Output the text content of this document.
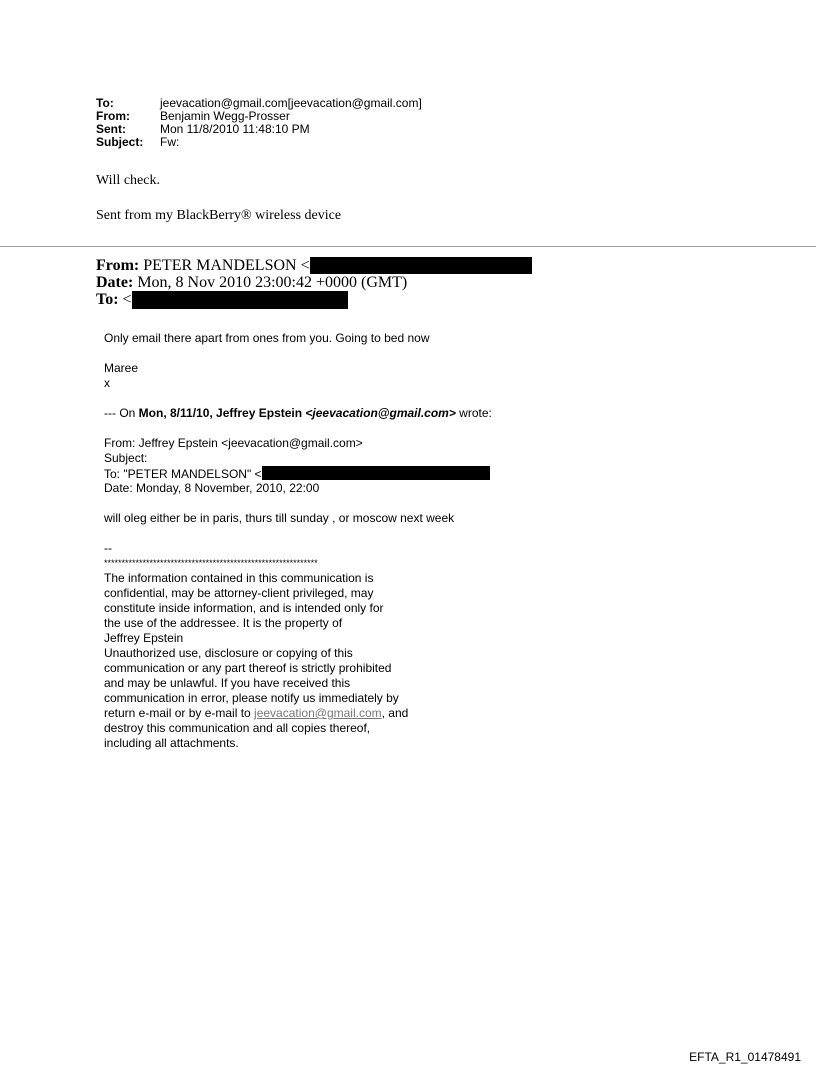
To:	jeevacation@gmail.com[jeevacation@gmail.com]
From:	Benjamin Wegg-Prosser
Sent:	Mon 11/8/2010 11:48:10 PM
Subject:	Fw:
Will check.
Sent from my BlackBerry® wireless device
From: PETER MANDELSON <
Date: Mon, 8 Nov 2010 23:00:42 +0000 (GMT)
To: <
Only email there apart from ones from you. Going to bed now
Maree
x
--- On Mon, 8/11/10, Jeffrey Epstein <jeevacation@gmail.com> wrote:
From: Jeffrey Epstein <jeevacation@gmail.com>
Subject:
To: "PETER MANDELSON" <
Date: Monday, 8 November, 2010, 22:00
will oleg either be in paris, thurs till sunday , or moscow next week
--
*************************************************************
The information contained in this communication is
confidential, may be attorney-client privileged, may
constitute inside information, and is intended only for
the use of the addressee. It is the property of
Jeffrey Epstein
Unauthorized use, disclosure or copying of this
communication or any part thereof is strictly prohibited
and may be unlawful. If you have received this
communication in error, please notify us immediately by
return e-mail or by e-mail to jeevacation@gmail.com, and
destroy this communication and all copies thereof,
including all attachments.
EFTA_R1_01478491
